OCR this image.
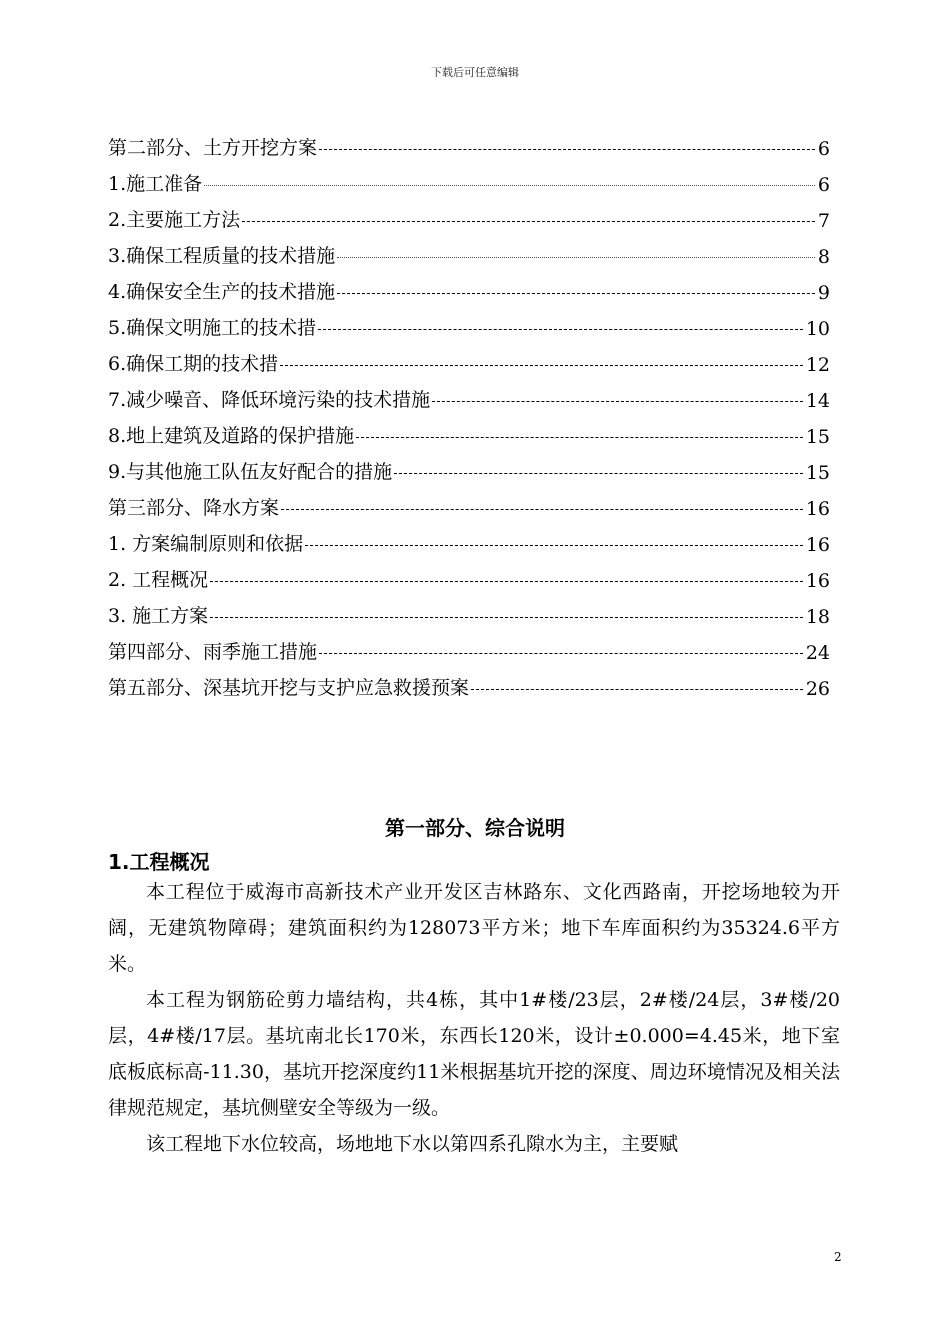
下载后可任意编辑
第二部分、土方开挖方案	6
1.施工准备	6
2.主要施工方法	7
3.确保工程质量的技术措施	8
4.确保安全生产的技术措施	9
5.确保文明施工的技术措	10
6.确保工期的技术措	12
7.减少噪音、降低环境污染的技术措施	14
8.地上建筑及道路的保护措施	15
9.与其他施工队伍友好配合的措施	15
第三部分、降水方案	16
1. 方案编制原则和依据	16
2. 工程概况	16
3. 施工方案	18
第四部分、雨季施工措施	24
第五部分、深基坑开挖与支护应急救援预案	26
第一部分、综合说明
1.工程概况

本工程位于威海市高新技术产业开发区吉林路东、文化西路南，开挖场地较为开阔，无建筑物障碍；建筑面积约为128073平方米；地下车库面积约为35324.6平方米。

本工程为钢筋砼剪力墙结构，共4栋，其中1#楼/23层，2#楼/24层，3#楼/20层，4#楼/17层。基坑南北长170米，东西长120米，设计±0.000=4.45米，地下室底板底标高-11.30，基坑开挖深度约11米根据基坑开挖的深度、周边环境情况及相关法律规范规定，基坑侧壁安全等级为一级。

该工程地下水位较高，场地地下水以第四系孔隙水为主，主要赋

2
